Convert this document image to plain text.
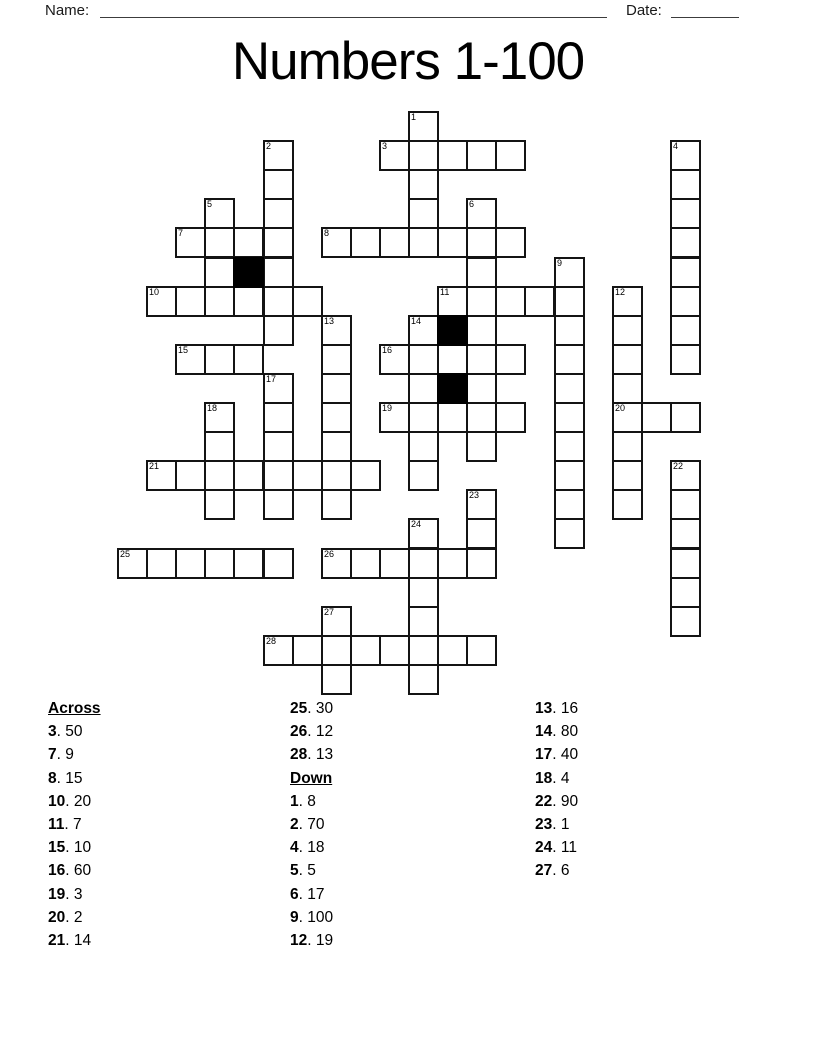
Name:	Date:
Numbers 1-100
1
2	3	4
5	6
7	8
9
10	11	12
20
13	14
15	16
17
18	19
21	22
23
24
25	26
27
28
Across
3. 50
7. 9
8. 15
10. 20
11. 7
15. 10
16. 60
19. 3
20. 2
21. 14
25. 30
26. 12
28. 13
Down
1. 8
2. 70
4. 18
5. 5
6. 17
9. 100
12. 19
13. 16
14. 80
17. 40
18. 4
22. 90
23. 1
24. 11
27. 6
